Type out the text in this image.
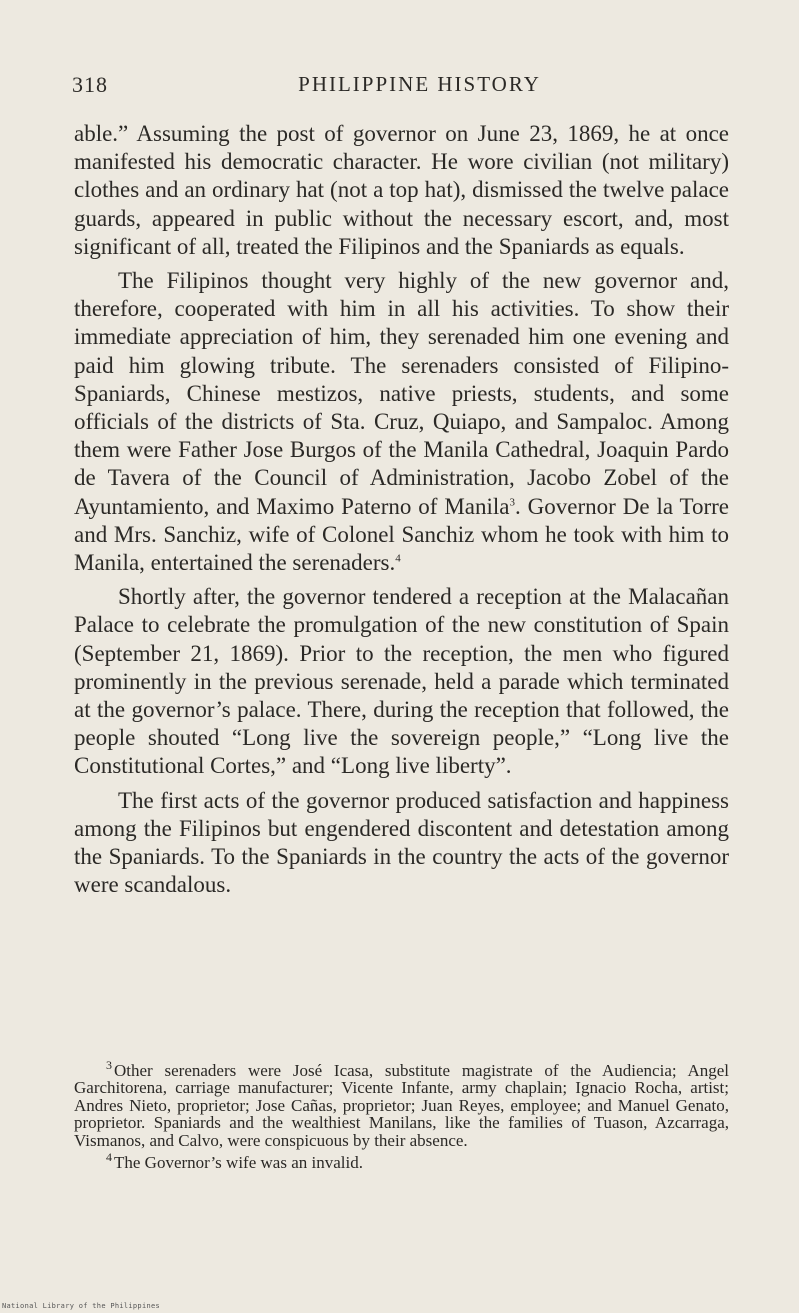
318	PHILIPPINE HISTORY

able.” Assuming the post of governor on June 23, 1869, he at once manifested his democratic character. He wore civilian (not military) clothes and an ordinary hat (not a top hat), dismissed the twelve palace guards, appeared in public without the necessary escort, and, most significant of all, treated the Filipinos and the Spaniards as equals.

The Filipinos thought very highly of the new governor and, therefore, cooperated with him in all his activities. To show their immediate appreciation of him, they serenaded him one evening and paid him glowing tribute. The serenaders consisted of Filipino-Spaniards, Chinese mestizos, native priests, students, and some officials of the districts of Sta. Cruz, Quiapo, and Sampaloc. Among them were Father Jose Burgos of the Manila Cathedral, Joaquin Pardo de Tavera of the Council of Administration, Jacobo Zobel of the Ayuntamiento, and Maximo Paterno of Manila$^3$. Governor De la Torre and Mrs. Sanchiz, wife of Colonel Sanchiz whom he took with him to Manila, entertained the serenaders.$^4$

Shortly after, the governor tendered a reception at the Malacañan Palace to celebrate the promulgation of the new constitution of Spain (September 21, 1869). Prior to the reception, the men who figured prominently in the previous serenade, held a parade which terminated at the governor’s palace. There, during the reception that followed, the people shouted “Long live the sovereign people,” “Long live the Constitutional Cortes,” and “Long live liberty”.

The first acts of the governor produced satisfaction and happiness among the Filipinos but engendered discontent and detestation among the Spaniards. To the Spaniards in the country the acts of the governor were scandalous.

$^3$ Other serenaders were José Icasa, substitute magistrate of the Audiencia; Angel Garchitorena, carriage manufacturer; Vicente Infante, army chaplain; Ignacio Rocha, artist; Andres Nieto, proprietor; Jose Cañas, proprietor; Juan Reyes, employee; and Manuel Genato, proprietor. Spaniards and the wealthiest Manilans, like the families of Tuason, Azcarraga, Vismanos, and Calvo, were conspicuous by their absence.

$^4$ The Governor’s wife was an invalid.

National Library of the Philippines
